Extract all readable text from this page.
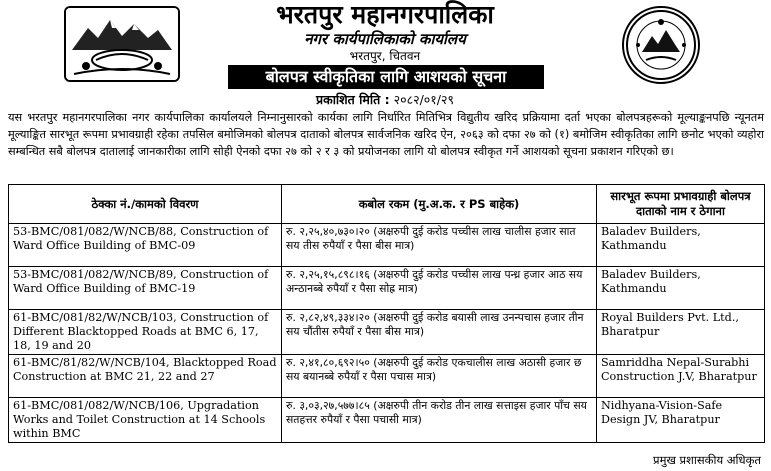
भरतपुर महानगरपालिका
नगर कार्यपालिकाको कार्यालय
भरतपुर, चितवन
बोलपत्र स्वीकृतिका लागि आशयको सूचना
प्रकाशित मिति : २०८२/०१/२९
यस भरतपुर महानगरपालिका नगर कार्यपालिका कार्यालयले निम्नानुसारको कार्यका लागि निर्धारित मितिभित्र विद्युतीय खरिद प्रक्रियामा दर्ता भएका बोलपत्रहरूको मूल्याङ्कनपछि न्यूनतम मूल्याङ्कित सारभूत रूपमा प्रभावग्राही रहेका तपसिल बमोजिमको बोलपत्र दाताको बोलपत्र सार्वजनिक खरिद ऐन, २०६३ को दफा २७ को (१) बमोजिम स्वीकृतिका लागि छनोट भएको व्यहोरा सम्बन्धित सबै बोलपत्र दातालाई जानकारीका लागि सोही ऐनको दफा २७ को २ र ३ को प्रयोजनका लागि यो बोलपत्र स्वीकृत गर्ने आशयको सूचना प्रकाशन गरिएको छ।
ठेक्का नं./कामको विवरण	कबोल रकम (मु.अ.क. र PS बाहेक)	सारभूत रूपमा प्रभावग्राही बोलपत्र दाताको नाम र ठेगाना
53-BMC/081/082/W/NCB/88, Construction of Ward Office Building of BMC-09	रु. २,२५,४०,७३०।२० (अक्षरुपी दुई करोड पच्चीस लाख चालीस हजार सात सय तीस रुपैयाँ र पैसा बीस मात्र)	Baladev Builders, Kathmandu
53-BMC/081/082/W/NCB/89, Construction of Ward Office Building of BMC-19	रु. २,२५,१५,८९८।१६ (अक्षरुपी दुई करोड पच्चीस लाख पन्ध्र हजार आठ सय अन्ठानब्बे रुपैयाँ र पैसा सोह्र मात्र)	Baladev Builders, Kathmandu
61-BMC/081/82/W/NCB/103, Construction of Different Blacktopped Roads at BMC 6, 17, 18, 19 and 20	रु. २,८२,४९,३३४।२० (अक्षरुपी दुई करोड बयासी लाख उनन्पचास हजार तीन सय चौंतीस रुपैयाँ र पैसा बीस मात्र)	Royal Builders Pvt. Ltd., Bharatpur
61-BMC/81/82/W/NCB/104, Blacktopped Road Construction at BMC 21, 22 and 27	रु. २,४१,८०,६९२।५० (अक्षरुपी दुई करोड एकचालीस लाख अठासी हजार छ सय बयानब्बे रुपैयाँ र पैसा पचास मात्र)	Samriddha Nepal-Surabhi Construction J.V, Bharatpur
61-BMC/081/082/W/NCB/106, Upgradation Works and Toilet Construction at 14 Schools within BMC	रु. ३,०३,२७,५७७।८५ (अक्षरुपी तीन करोड तीन लाख सत्ताइस हजार पाँच सय सतहत्तर रुपैयाँ र पैसा पचासी मात्र)	Nidhyana-Vision-Safe Design JV, Bharatpur
प्रमुख प्रशासकीय अधिकृत
